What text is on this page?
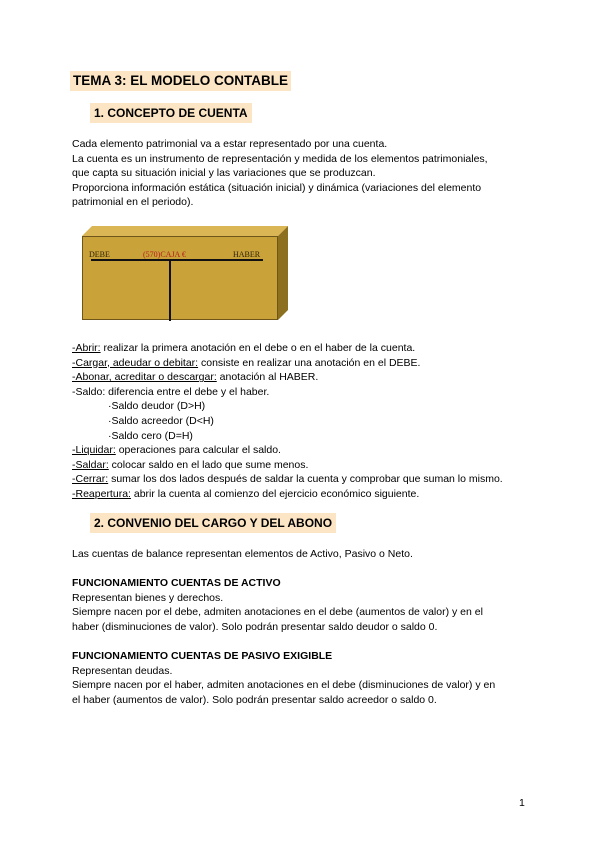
TEMA 3: EL MODELO CONTABLE
1. CONCEPTO DE CUENTA
Cada elemento patrimonial va a estar representado por una cuenta.
La cuenta es un instrumento de representación y medida de los elementos patrimoniales,
que capta su situación inicial y las variaciones que se produzcan.
Proporciona información estática (situación inicial) y dinámica (variaciones del elemento
patrimonial en el periodo).
DEBE	(570)CAJA €	HABER
-Abrir: realizar la primera anotación en el debe o en el haber de la cuenta.
-Cargar, adeudar o debitar: consiste en realizar una anotación en el DEBE.
-Abonar, acreditar o descargar: anotación al HABER.
-Saldo: diferencia entre el debe y el haber.
·Saldo deudor (D>H)
·Saldo acreedor (D<H)
·Saldo cero (D=H)
-Liquidar: operaciones para calcular el saldo.
-Saldar: colocar saldo en el lado que sume menos.
-Cerrar: sumar los dos lados después de saldar la cuenta y comprobar que suman lo mismo.
-Reapertura: abrir la cuenta al comienzo del ejercicio económico siguiente.
2. CONVENIO DEL CARGO Y DEL ABONO
Las cuentas de balance representan elementos de Activo, Pasivo o Neto.
FUNCIONAMIENTO CUENTAS DE ACTIVO
Representan bienes y derechos.
Siempre nacen por el debe, admiten anotaciones en el debe (aumentos de valor) y en el
haber (disminuciones de valor). Solo podrán presentar saldo deudor o saldo 0.
FUNCIONAMIENTO CUENTAS DE PASIVO EXIGIBLE
Representan deudas.
Siempre nacen por el haber, admiten anotaciones en el debe (disminuciones de valor) y en
el haber (aumentos de valor). Solo podrán presentar saldo acreedor o saldo 0.
1
